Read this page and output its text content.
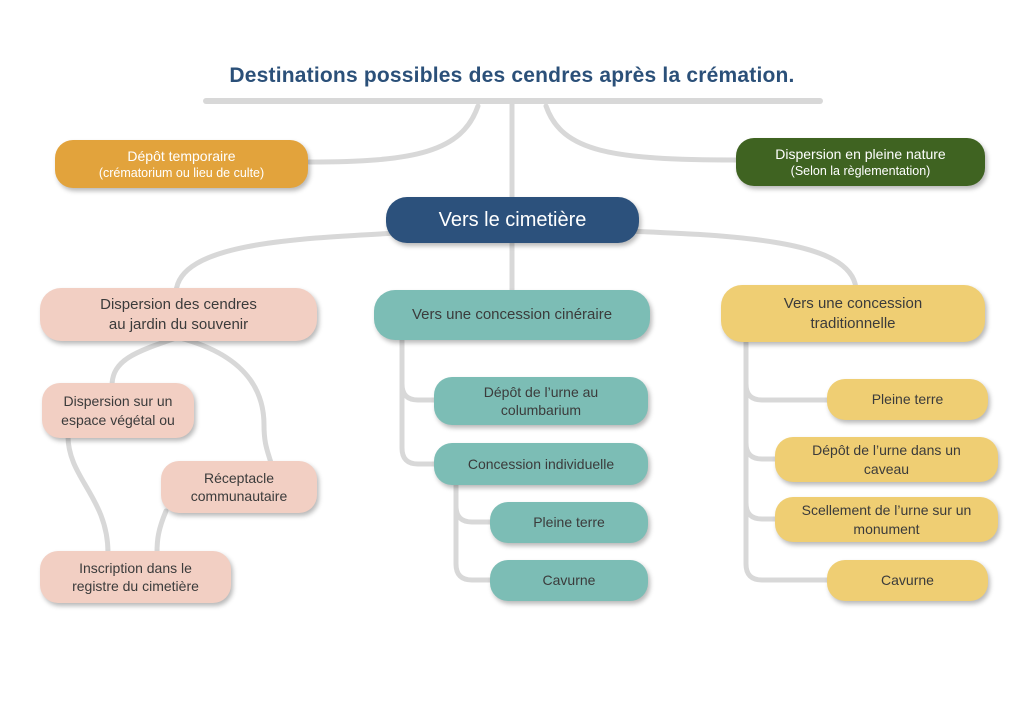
Destinations possibles des cendres après la crémation.
Dépôt temporaire
(crématorium ou lieu de culte)
Dispersion en pleine nature
(Selon la règlementation)
Vers le cimetière
Dispersion des cendres au jardin du souvenir
Vers une concession cinéraire
Vers une concession traditionnelle
Dispersion sur un espace végétal ou
Réceptacle communautaire
Inscription dans le registre du cimetière
Dépôt de l’urne au columbarium
Concession individuelle
Pleine terre
Cavurne
Pleine terre
Dépôt de l’urne dans un caveau
Scellement de l’urne sur un monument
Cavurne
